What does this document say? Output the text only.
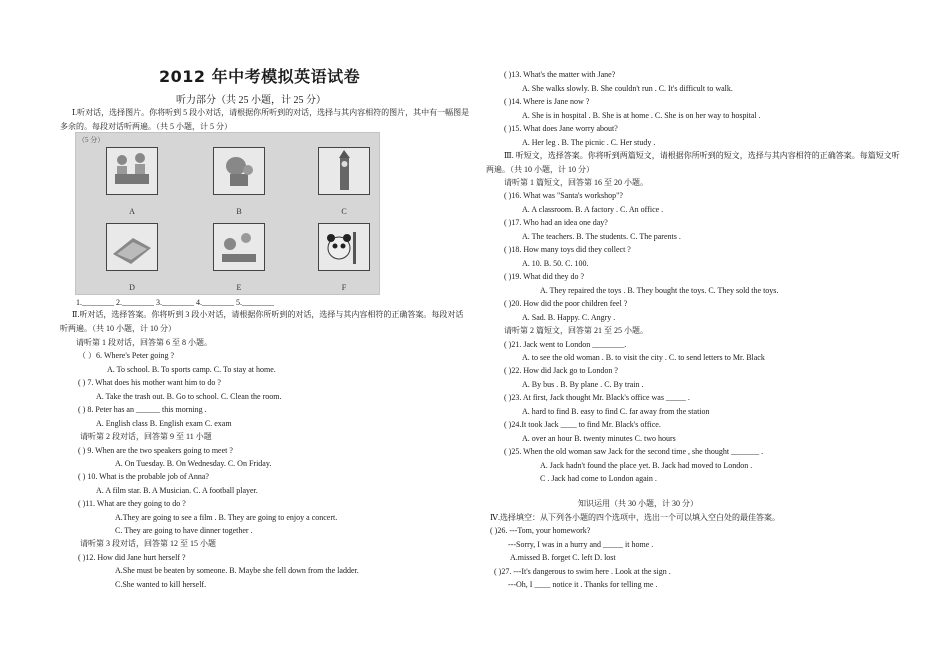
2012 年中考模拟英语试卷
听力部分（共 25 小题，计 25 分）
Ⅰ.听对话，选择图片。你将听到 5 段小对话，请根据你所听到的对话，选择与其内容相符的图片，其中有一幅图是多余的。每段对话听两遍。（共 5 小题，计 5 分）
（5 分）
A	B	C
D	E	F
1.________ 2.________ 3.________ 4.________ 5.________
Ⅱ.听对话，选择答案。你将听到 3 段小对话，请根据你所听到的对话，选择与其内容相符的正确答案。每段对话听两遍。（共 10 小题，计 10 分）
请听第 1 段对话，回答第 6 至 8 小题。
（ ）6. Where's Peter going ?
A. To school. B. To sports camp. C. To stay at home.
( ) 7. What does his mother want him to do ?
A. Take the trash out. B. Go to school. C. Clean the room.
( ) 8. Peter has an ______ this morning .
A. English class B. English exam C. exam
请听第 2 段对话，回答第 9 至 11 小题
( ) 9. When are the two speakers going to meet ?
A. On Tuesday. B. On Wednesday. C. On Friday.
( ) 10. What is the probable job of Anna?
A. A film star. B. A Musician. C. A football player.
( )11. What are they going to do ?
A.They are going to see a film . B. They are going to enjoy a concert.
C. They are going to have dinner together .
请听第 3 段对话，回答第 12 至 15 小题
( )12. How did Jane hurt herself ?
A.She must be beaten by someone. B. Maybe she fell down from the ladder.
C.She wanted to kill herself.
( )13. What's the matter with Jane?
A. She walks slowly. B. She couldn't run . C. It's difficult to walk.
( )14. Where is Jane now ?
A. She is in hospital . B. She is at home . C. She is on her way to hospital .
( )15. What does Jane worry about?
A. Her leg . B. The picnic . C. Her study .
Ⅲ. 听短文，选择答案。你将听到两篇短文，请根据你所听到的短文，选择与其内容相符的正确答案。每篇短文听两遍。（共 10 小题，计 10 分）
请听第 1 篇短文，回答第 16 至 20 小题。
( )16. What was "Santa's workshop"?
A. A classroom. B. A factory . C. An office .
( )17. Who had an idea one day?
A. The teachers. B. The students. C. The parents .
( )18. How many toys did they collect ?
A. 10. B. 50. C. 100.
( )19. What did they do ?
A. They repaired the toys . B. They bought the toys. C. They sold the toys.
( )20. How did the poor children feel ?
A. Sad. B. Happy. C. Angry .
请听第 2 篇短文，回答第 21 至 25 小题。
( )21. Jack went to London ________.
A. to see the old woman . B. to visit the city . C. to send letters to Mr. Black
( )22. How did Jack go to London ?
A. By bus . B. By plane . C. By train .
( )23. At first, Jack thought Mr. Black's office was _____ .
A. hard to find B. easy to find C. far away from the station
( )24.It took Jack ____ to find Mr. Black's office.
A. over an hour B. twenty minutes C. two hours
( )25. When the old woman saw Jack for the second time , she thought _______ .
A. Jack hadn't found the place yet. B. Jack had moved to London .
C . Jack had come to London again .
知识运用（共 30 小题，计 30 分）
Ⅳ.选择填空：从下列各小题的四个选项中，选出一个可以填入空白处的最佳答案。
( )26. ---Tom, your homework?
---Sorry, I was in a hurry and _____ it home .
A.missed B. forget C. left D. lost
( )27. ---It's dangerous to swim here . Look at the sign .
---Oh, I ____ notice it . Thanks for telling me .
